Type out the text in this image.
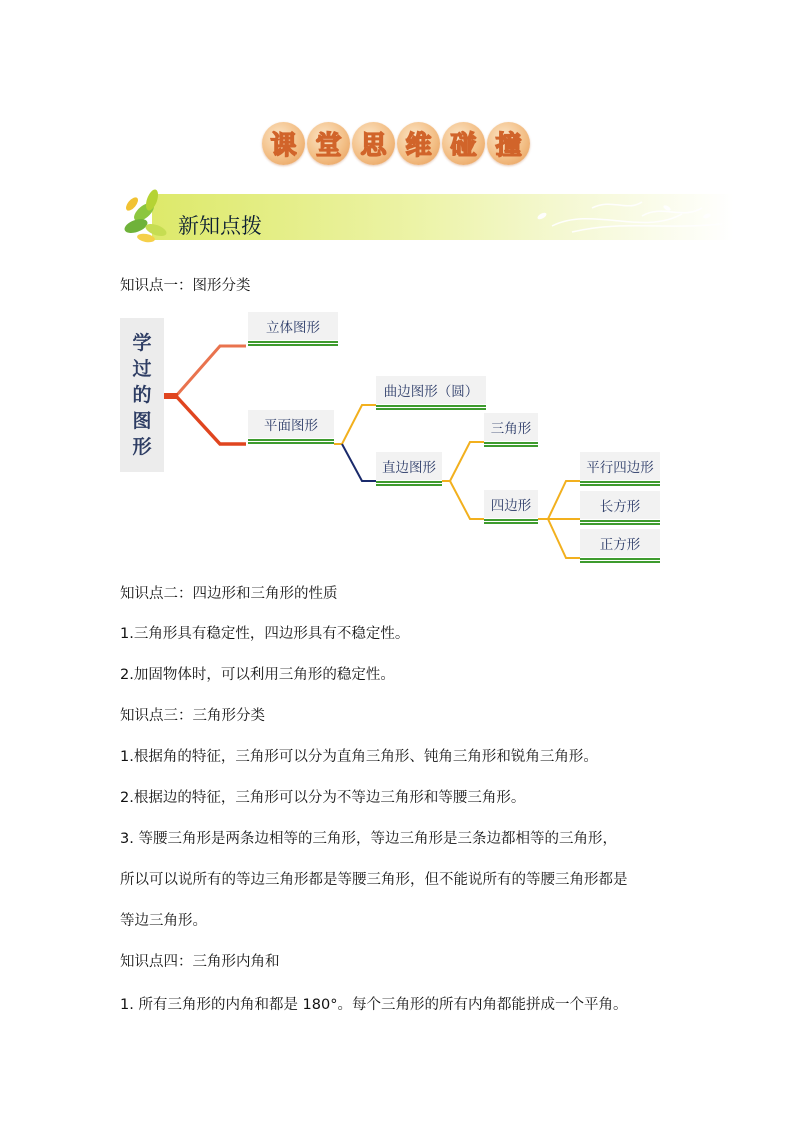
课 堂 思 维 碰 撞
新知点拨
知识点一：图形分类
学
过
的
图
形
立体图形
平面图形
曲边图形（圆）
直边图形
三角形
四边形
平行四边形
长方形
正方形
知识点二：四边形和三角形的性质
1.三角形具有稳定性，四边形具有不稳定性。
2.加固物体时，可以利用三角形的稳定性。
知识点三：三角形分类
1.根据角的特征，三角形可以分为直角三角形、钝角三角形和锐角三角形。
2.根据边的特征，三角形可以分为不等边三角形和等腰三角形。
3. 等腰三角形是两条边相等的三角形，等边三角形是三条边都相等的三角形，
所以可以说所有的等边三角形都是等腰三角形，但不能说所有的等腰三角形都是
等边三角形。
知识点四：三角形内角和
1. 所有三角形的内角和都是 180°。每个三角形的所有内角都能拼成一个平角。
